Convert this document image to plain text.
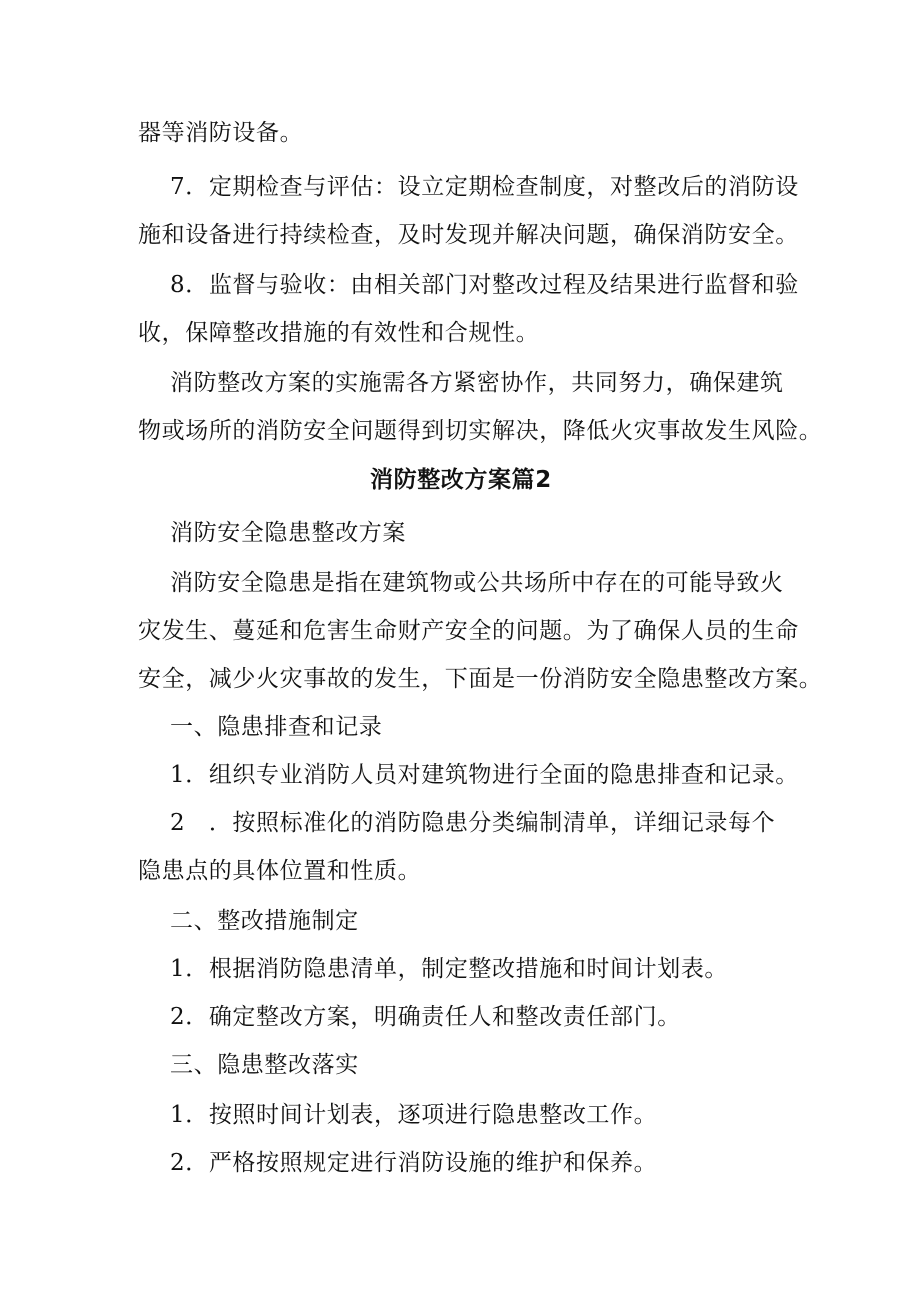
器等消防设备。
7．定期检查与评估：设立定期检查制度，对整改后的消防设
施和设备进行持续检查，及时发现并解决问题，确保消防安全。
8．监督与验收：由相关部门对整改过程及结果进行监督和验
收，保障整改措施的有效性和合规性。
消防整改方案的实施需各方紧密协作，共同努力，确保建筑
物或场所的消防安全问题得到切实解决，降低火灾事故发生风险。
消防整改方案篇2
消防安全隐患整改方案
消防安全隐患是指在建筑物或公共场所中存在的可能导致火
灾发生、蔓延和危害生命财产安全的问题。为了确保人员的生命
安全，减少火灾事故的发生，下面是一份消防安全隐患整改方案。
一、隐患排查和记录
1．组织专业消防人员对建筑物进行全面的隐患排查和记录。
2　．按照标准化的消防隐患分类编制清单，详细记录每个
隐患点的具体位置和性质。
二、整改措施制定
1．根据消防隐患清单，制定整改措施和时间计划表。
2．确定整改方案，明确责任人和整改责任部门。
三、隐患整改落实
1．按照时间计划表，逐项进行隐患整改工作。
2．严格按照规定进行消防设施的维护和保养。
